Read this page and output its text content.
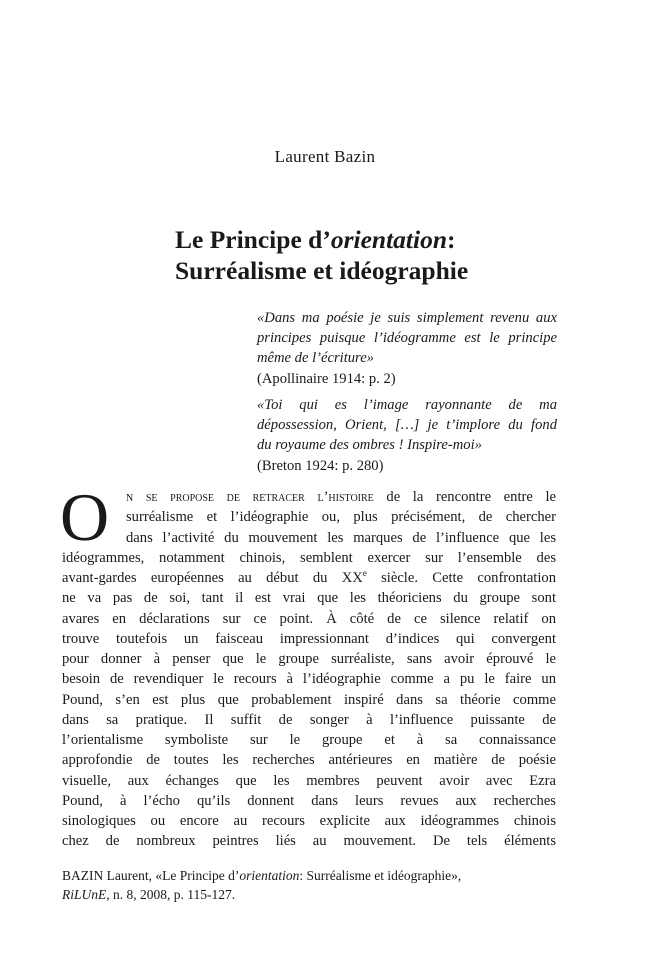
Laurent Bazin
Le Principe d’orientation:
Surréalisme et idéographie
«Dans ma poésie je suis simplement revenu aux
principes puisque l’idéogramme est le principe
même de l’écriture»
(Apollinaire 1914: p. 2)
«Toi qui es l’image rayonnante de ma
dépossession, Orient, […] je t’implore du fond
du royaume des ombres ! Inspire-moi»
(Breton 1924: p. 280)
O	n se propose de retracer l’histoire de la rencontre entre le
surréalisme et l’idéographie ou, plus précisément, de chercher
dans l’activité du mouvement les marques de l’influence que les
idéogrammes, notamment chinois, semblent exercer sur l’ensemble des
avant-gardes européennes au début du XXe siècle. Cette confrontation
ne va pas de soi, tant il est vrai que les théoriciens du groupe sont
avares en déclarations sur ce point. À côté de ce silence relatif on
trouve toutefois un faisceau impressionnant d’indices qui convergent
pour donner à penser que le groupe surréaliste, sans avoir éprouvé le
besoin de revendiquer le recours à l’idéographie comme a pu le faire un
Pound, s’en est plus que probablement inspiré dans sa théorie comme
dans sa pratique. Il suffit de songer à l’influence puissante de
l’orientalisme symboliste sur le groupe et à sa connaissance
approfondie de toutes les recherches antérieures en matière de poésie
visuelle, aux échanges que les membres peuvent avoir avec Ezra
Pound, à l’écho qu’ils donnent dans leurs revues aux recherches
sinologiques ou encore au recours explicite aux idéogrammes chinois
chez de nombreux peintres liés au mouvement. De tels éléments
BAZIN Laurent, «Le Principe d’orientation: Surréalisme et idéographie»,
RiLUnE, n. 8, 2008, p. 115-127.
